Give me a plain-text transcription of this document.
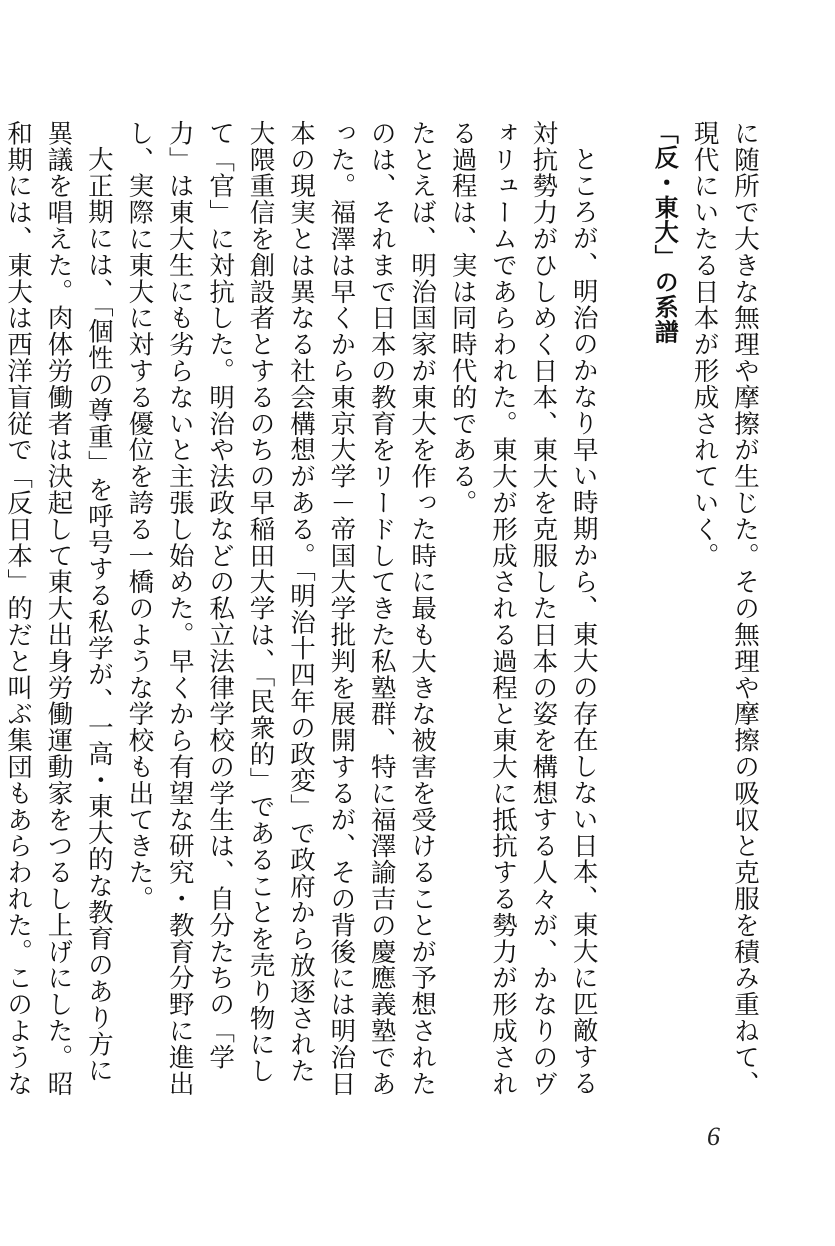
に随所で大きな無理や摩擦が生じた。その無理や摩擦の吸収と克服を積み重ねて、現代にいたる日本が形成されていく。

「反・東大」の系譜

ところが、明治のかなり早い時期から、東大の存在しない日本、東大に匹敵する対抗勢力がひしめく日本、東大を克服した日本の姿を構想する人々が、かなりのヴォリュームであらわれた。東大が形成される過程と東大に抵抗する勢力が形成される過程は、実は同時代的である。

たとえば、明治国家が東大を作った時に最も大きな被害を受けることが予想されたのは、それまで日本の教育をリードしてきた私塾群、特に福澤諭吉の慶應義塾であった。福澤は早くから東京大学－帝国大学批判を展開するが、その背後には明治日本の現実とは異なる社会構想がある。「明治十四年の政変」で政府から放逐された大隈重信を創設者とするのちの早稲田大学は、「民衆的」であることを売り物にして「官」に対抗した。明治や法政などの私立法律学校の学生は、自分たちの「学力」は東大生にも劣らないと主張し始めた。早くから有望な研究・教育分野に進出し、実際に東大に対する優位を誇る一橋のような学校も出てきた。

大正期には、「個性の尊重」を呼号する私学が、一高・東大的な教育のあり方に異議を唱えた。肉体労働者は決起して東大出身労働運動家をつるし上げにした。昭和期には、東大は西洋盲従で「反日本」的だと叫ぶ集団もあらわれた。このような

6
